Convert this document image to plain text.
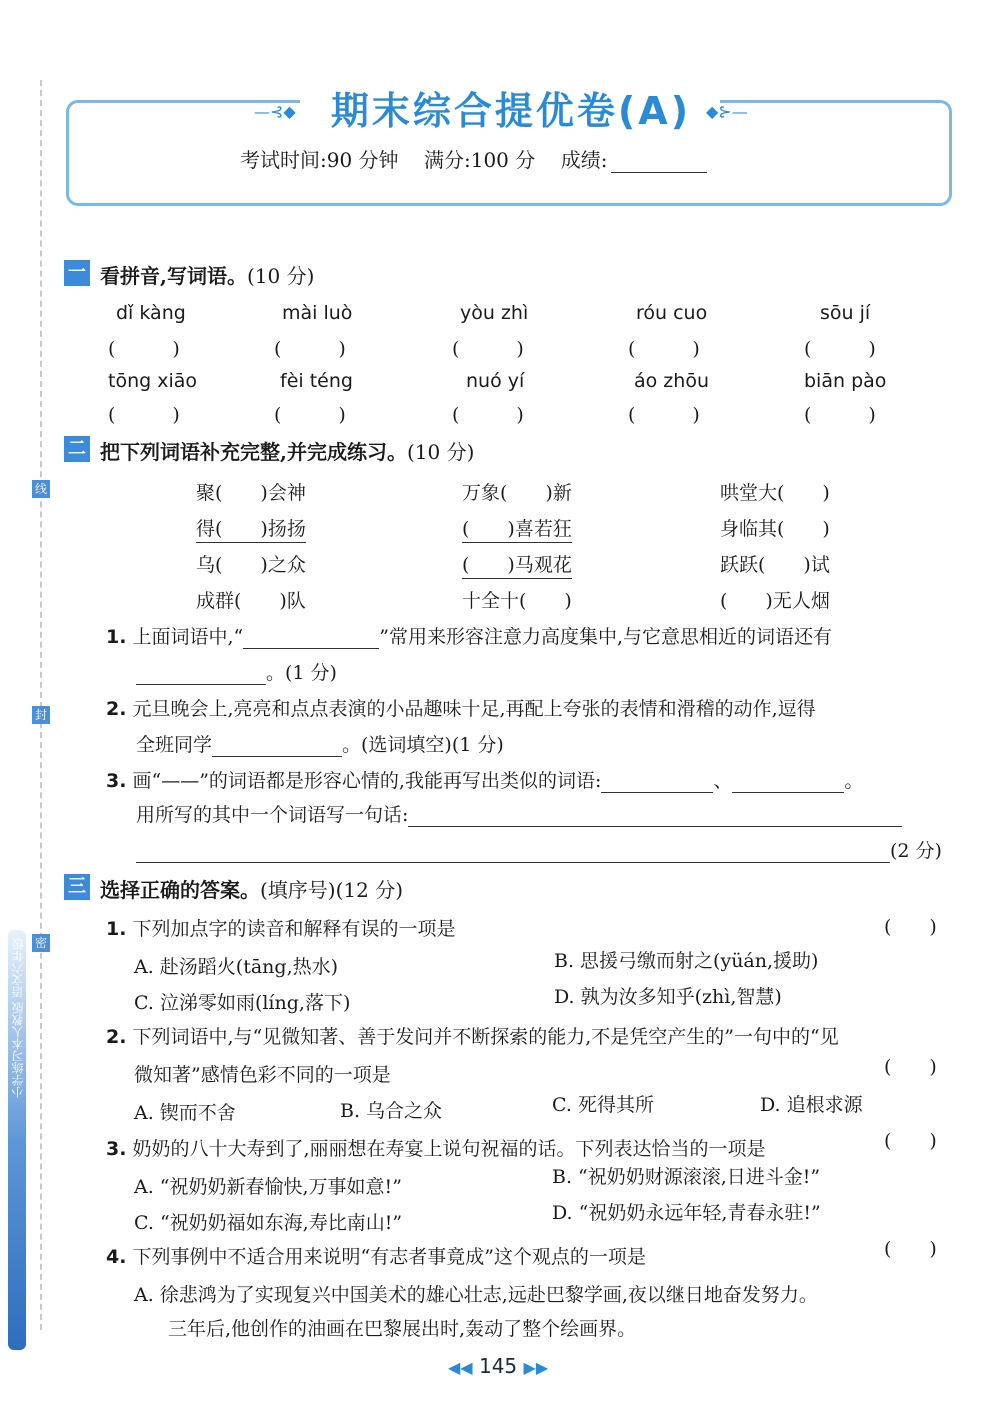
线
封
密
小学练习本人教版 语文六年级
—⊰◆	◆⊱—
期末综合提优卷(A)
考试时间:90 分钟 满分:100 分 成绩:
一 看拼音,写词语。(10 分)
dǐ kàng	mài luò	yòu zhì	róu cuo	sōu jí
(　　　)	(　　　)	(　　　)	(　　　)	(　　　)
tōng xiāo	fèi téng	nuó yí	áo zhōu	biān pào
(　　　)	(　　　)	(　　　)	(　　　)	(　　　)
二 把下列词语补充完整,并完成练习。(10 分)
聚(　　)会神	万象(　　)新	哄堂大(　　)
得(　　)扬扬	(　　)喜若狂	身临其(　　)
乌(　　)之众	(　　)马观花	跃跃(　　)试
成群(　　)队	十全十(　　)	(　　)无人烟
1. 上面词语中,“	”常用来形容注意力高度集中,与它意思相近的词语还有
。(1 分)
2. 元旦晚会上,亮亮和点点表演的小品趣味十足,再配上夸张的表情和滑稽的动作,逗得
全班同学	。(选词填空)(1 分)
3. 画“——”的词语都是形容心情的,我能再写出类似的词语:	、	。
用所写的其中一个词语写一句话:
(2 分)
三 选择正确的答案。(填序号)(12 分)
1. 下列加点字的读音和解释有误的一项是	(　　)
A. 赴汤蹈火(tāng,热水)	B. 思援弓缴而射之(yüán,援助)
C. 泣涕零如雨(líng,落下)	D. 孰为汝多知乎(zhì,智慧)
2. 下列词语中,与“见微知著、善于发问并不断探索的能力,不是凭空产生的”一句中的“见
微知著”感情色彩不同的一项是	(　　)
A. 锲而不舍	B. 乌合之众	C. 死得其所	D. 追根求源
3. 奶奶的八十大寿到了,丽丽想在寿宴上说句祝福的话。下列表达恰当的一项是	(　　)
A. “祝奶奶新春愉快,万事如意!”	B. “祝奶奶财源滚滚,日进斗金!”
C. “祝奶奶福如东海,寿比南山!”	D. “祝奶奶永远年轻,青春永驻!”
4. 下列事例中不适合用来说明“有志者事竟成”这个观点的一项是	(　　)
A. 徐悲鸿为了实现复兴中国美术的雄心壮志,远赴巴黎学画,夜以继日地奋发努力。
三年后,他创作的油画在巴黎展出时,轰动了整个绘画界。
◀◀ 145 ▶▶
